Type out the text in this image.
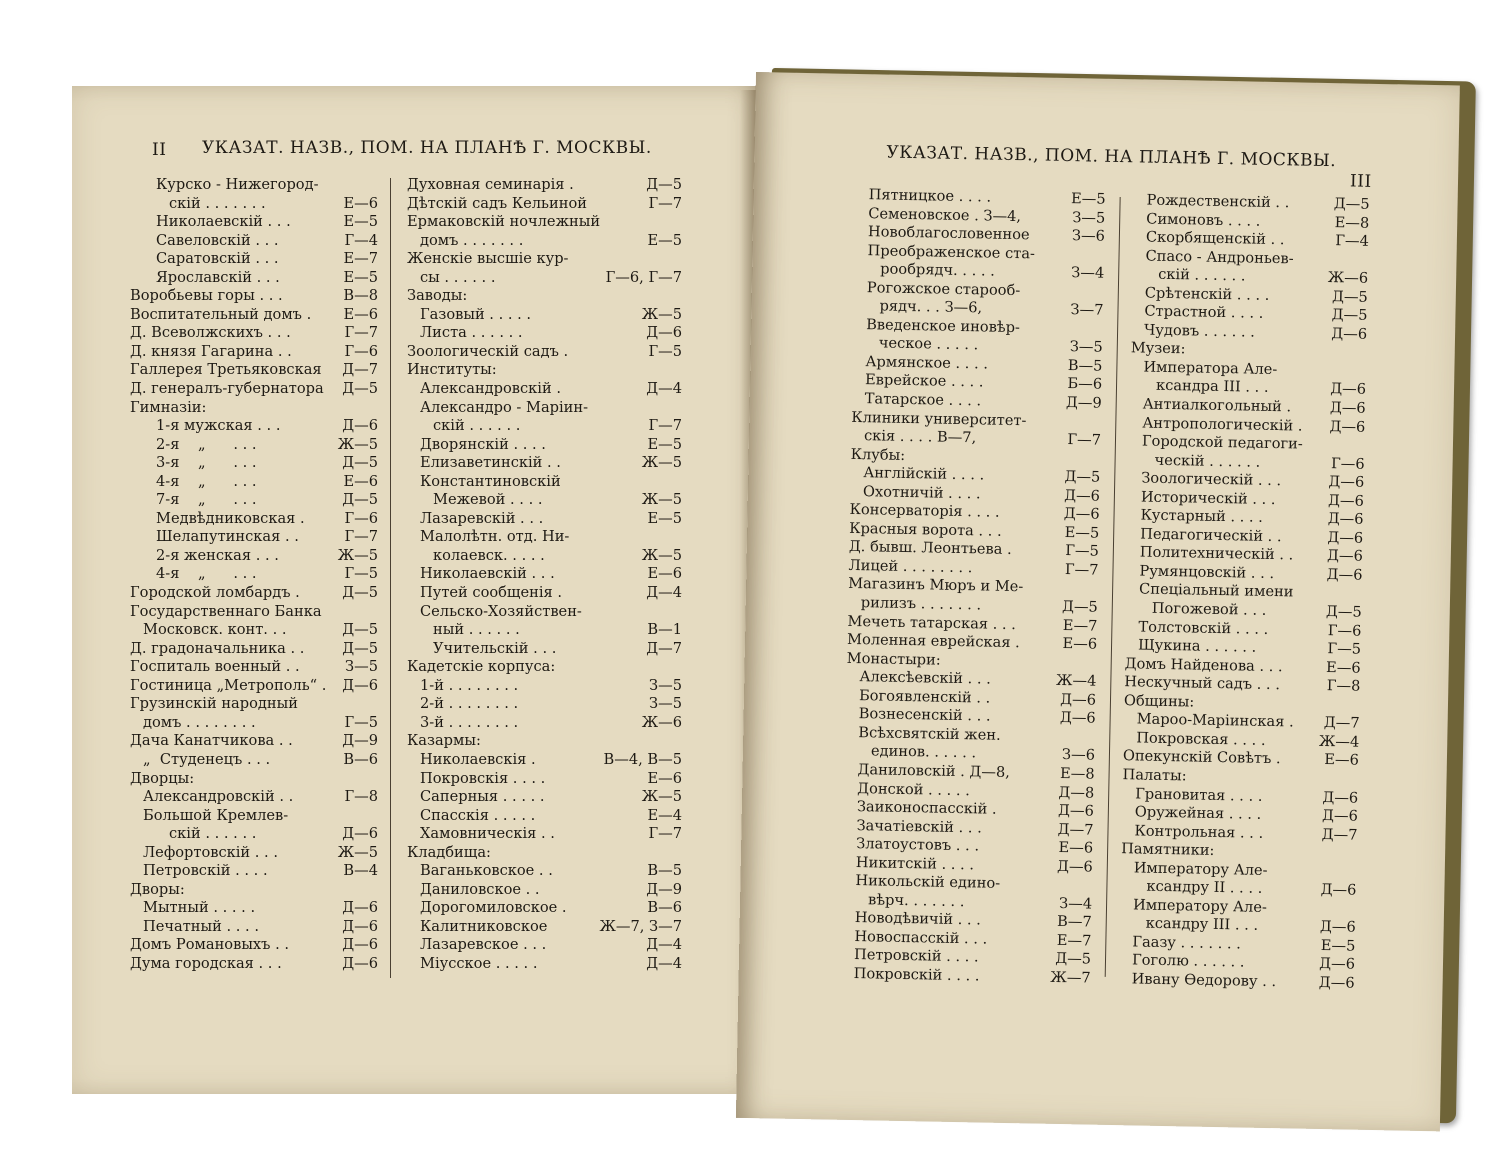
II УКАЗАТ. НАЗВ., ПОМ. НА ПЛАНѢ Г. МОСКВЫ.
Курско - Нижегород-
скій . . . . . . .	Е—6
Николаевскій . . .	Е—5
Савеловскій . . .	Г—4
Саратовскій . . .	Е—7
Ярославскій . . .	Е—5
Воробьевы горы . . .	В—8
Воспитательный домъ . Е—6
Д. Всеволжскихъ . . .	Г—7
Д. князя Гагарина . .	Г—6
Галлерея Третьяковская Д—7
Д. генералъ-губернатора Д—5
Гимназіи:
1-я мужская . . .	Д—6
2-я    „      . . .	Ж—5
3-я    „      . . .	Д—5
4-я    „      . . .	Е—6
7-я    „      . . .	Д—5
Медвѣдниковская .	Г—6
Шелапутинская . .	Г—7
2-я женская . . .	Ж—5
4-я    „      . . .	Г—5
Городской ломбардъ .	Д—5
Государственнаго Банка
Московск. конт. . .	Д—5
Д. градоначальника . .	Д—5
Госпиталь военный . .	З—5
Гостиница „Метрополь“ . Д—6
Грузинскій народный
домъ . . . . . . . .	Г—5
Дача Канатчикова . .	Д—9
„  Студенецъ . . .	В—6
Дворцы:
Александровскій . .	Г—8
Большой Кремлев-
скій . . . . . .	Д—6
Лефортовскій . . .	Ж—5
Петровскій . . . .	В—4
Дворы:
Мытный . . . . .	Д—6
Печатный . . . .	Д—6
Домъ Романовыхъ . .	Д—6
Дума городская . . .	Д—6
Духовная семинарія .	Д—5
Дѣтскій садъ Кельиной	Г—7
Ермаковскій ночлежный
домъ . . . . . . .	Е—5
Женскіе высшіе кур-
сы . . . . . .	Г—6, Г—7
Заводы:
Газовый . . . . .	Ж—5
Листа . . . . . .	Д—6
Зоологическій садъ .	Г—5
Институты:
Александровскій .	Д—4
Александро - Маріин-
скій . . . . . .	Г—7
Дворянскій . . . .	Е—5
Елизаветинскій . .	Ж—5
Константиновскій
Межевой . . . .	Ж—5
Лазаревскій . . .	Е—5
Малолѣтн. отд. Ни-
колаевск. . . . .	Ж—5
Николаевскій . . .	Е—6
Путей сообщенія .	Д—4
Сельско-Хозяйствен-
ный . . . . . .	В—1
Учительскій . . .	Д—7
Кадетскіе корпуса:
1-й . . . . . . . .	З—5
2-й . . . . . . . .	З—5
3-й . . . . . . . .	Ж—6
Казармы:
Николаевскія .	В—4, В—5
Покровскія . . . .	Е—6
Саперныя . . . . .	Ж—5
Спасскія . . . . .	Е—4
Хамовническія . .	Г—7
Кладбища:
Ваганьковское . .	В—5
Даниловское . .	Д—9
Дорогомиловское .	В—6
Калитниковское	Ж—7, З—7
Лазаревское . . .	Д—4
Міусское . . . . .	Д—4
УКАЗАТ. НАЗВ., ПОМ. НА ПЛАНѢ Г. МОСКВЫ.
III
Пятницкое . . . .	Е—5
Семеновское . З—4,	З—5
Новоблагословенное	З—6
Преображенское ста-
рообрядч. . . . .	З—4
Рогожское старооб-
рядч. . . З—6,	З—7
Введенское иновѣр-
ческое . . . . .	З—5
Армянское . . . .	В—5
Еврейское . . . .	Б—6
Татарское . . . .	Д—9
Клиники университет-
скія . . . . В—7,	Г—7
Клубы:
Англійскій . . . .	Д—5
Охотничій . . . .	Д—6
Консерваторія . . . .	Д—6
Красныя ворота . . .	Е—5
Д. бывш. Леонтьева .	Г—5
Лицей . . . . . . . .	Г—7
Магазинъ Мюръ и Ме-
рилизъ . . . . . . .	Д—5
Мечеть татарская . . .	Е—7
Моленная еврейская .	Е—6
Монастыри:
Алексѣевскій . . .	Ж—4
Богоявленскій . .	Д—6
Вознесенскій . . .	Д—6
Всѣхсвятскій жен.
единов. . . . . .	З—6
Даниловскій . Д—8,	Е—8
Донской . . . . .	Д—8
Заиконоспасскій .	Д—6
Зачатіевскій . . .	Д—7
Златоустовъ . . .	Е—6
Никитскій . . . .	Д—6
Никольскій едино-
вѣрч. . . . . . .	З—4
Новодѣвичій . . .	В—7
Новоспасскій . . .	Е—7
Петровскій . . . .	Д—5
Покровскій . . . .	Ж—7
Рождественскій . .	Д—5
Симоновъ . . . .	Е—8
Скорбященскій . .	Г—4
Спасо - Андроньев-
скій . . . . . .	Ж—6
Срѣтенскій . . . .	Д—5
Страстной . . . .	Д—5
Чудовъ . . . . . .	Д—6
Музеи:
Императора Але-
ксандра III . . .	Д—6
Антиалкогольный .	Д—6
Антропологическій . Д—6
Городской педагоги-
ческій . . . . . .	Г—6
Зоологическій . . .	Д—6
Историческій . . .	Д—6
Кустарный . . . .	Д—6
Педагогическій . .	Д—6
Политехническій . . Д—6
Румянцовскій . . .	Д—6
Спеціальный имени
Погожевой . . .	Д—5
Толстовскій . . . .	Г—6
Щукина . . . . . .	Г—5
Домъ Найденова . . .	Е—6
Нескучный садъ . . .	Г—8
Общины:
Мароо-Маріинская . Д—7
Покровская . . . .	Ж—4
Опекунскій Совѣтъ .	Е—6
Палаты:
Грановитая . . . .	Д—6
Оружейная . . . .	Д—6
Контрольная . . .	Д—7
Памятники:
Императору Але-
ксандру II . . . .	Д—6
Императору Але-
ксандру III . . .	Д—6
Гаазу . . . . . . .	Е—5
Гоголю . . . . . .	Д—6
Ивану Ѳедорову . .	Д—6
